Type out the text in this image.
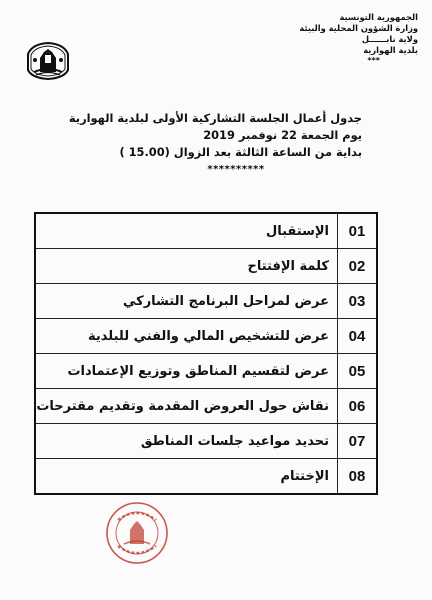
الجمهورية التونسية
وزارة الشؤون المحلية والبيئة
ولاية نابــــــل
بلدية الهوارية
***
جدول أعمال الجلسة التشاركية الأولى لبلدية الهوارية
يوم الجمعة 22 نوفمبر 2019
بداية من الساعة الثالثة بعد الزوال (15.00 )
**********
الإستقبال	01
كلمة الإفتتاح	02
عرض لمراحل البرنامج التشاركي	03
عرض للتشخيص المالي والفني للبلدية	04
عرض لتقسيم المناطق وتوزيع الإعتمادات	05
نقاش حول العروض المقدمة وتقديم مقترحات	06
تحديد مواعيد جلسات المناطق	07
الإختتام	08
